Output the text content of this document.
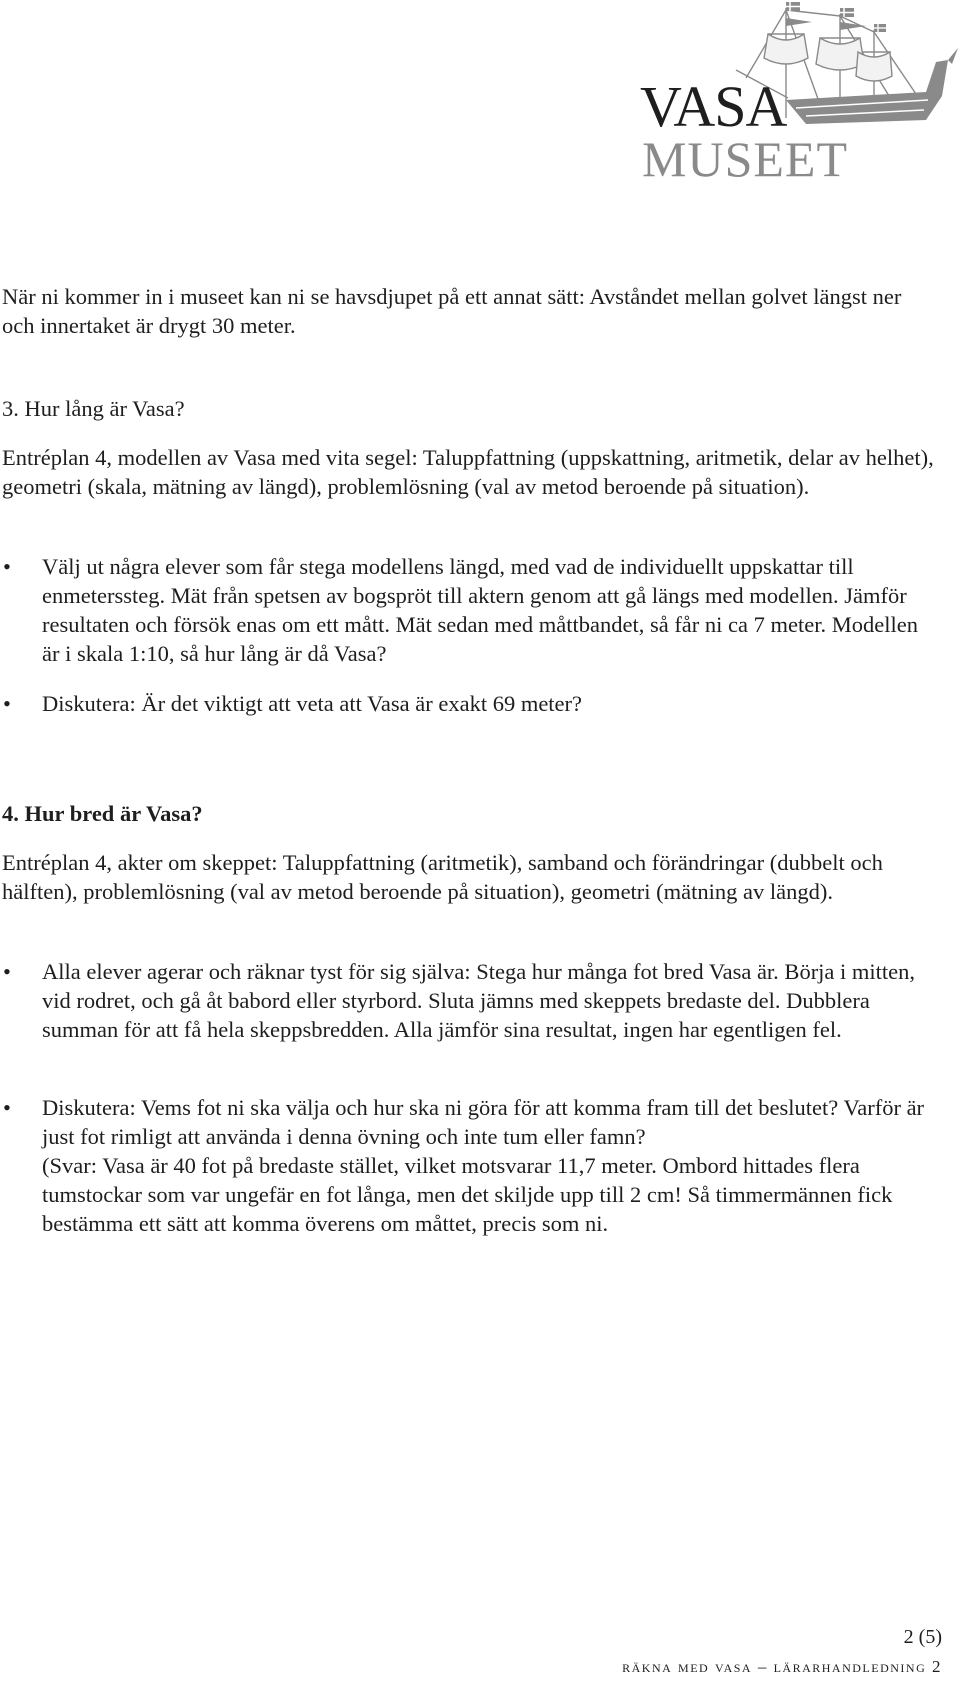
VASA
MUSEET

När ni kommer in i museet kan ni se havsdjupet på ett annat sätt: Avståndet mellan golvet längst ner och innertaket är drygt 30 meter.

3. Hur lång är Vasa?

Entréplan 4, modellen av Vasa med vita segel: Taluppfattning (uppskattning, aritmetik, delar av helhet), geometri (skala, mätning av längd), problemlösning (val av metod beroende på situation).

•	Välj ut några elever som får stega modellens längd, med vad de individuellt uppskattar till enmeterssteg. Mät från spetsen av bogspröt till aktern genom att gå längs med modellen. Jämför resultaten och försök enas om ett mått. Mät sedan med måttbandet, så får ni ca 7 meter. Modellen är i skala 1:10, så hur lång är då Vasa?

•	Diskutera: Är det viktigt att veta att Vasa är exakt 69 meter?

4. Hur bred är Vasa?

Entréplan 4, akter om skeppet: Taluppfattning (aritmetik), samband och förändringar (dubbelt och hälften), problemlösning (val av metod beroende på situation), geometri (mätning av längd).

•	Alla elever agerar och räknar tyst för sig själva: Stega hur många fot bred Vasa är. Börja i mitten, vid rodret, och gå åt babord eller styrbord. Sluta jämns med skeppets bredaste del. Dubblera summan för att få hela skeppsbredden. Alla jämför sina resultat, ingen har egentligen fel.

•	Diskutera: Vems fot ni ska välja och hur ska ni göra för att komma fram till det beslutet? Varför är just fot rimligt att använda i denna övning och inte tum eller famn?
(Svar: Vasa är 40 fot på bredaste stället, vilket motsvarar 11,7 meter. Ombord hittades flera tumstockar som var ungefär en fot långa, men det skiljde upp till 2 cm! Så timmermännen fick bestämma ett sätt att komma överens om måttet, precis som ni.

2 (5)
räkna med vasa – lärarhandledning 2
